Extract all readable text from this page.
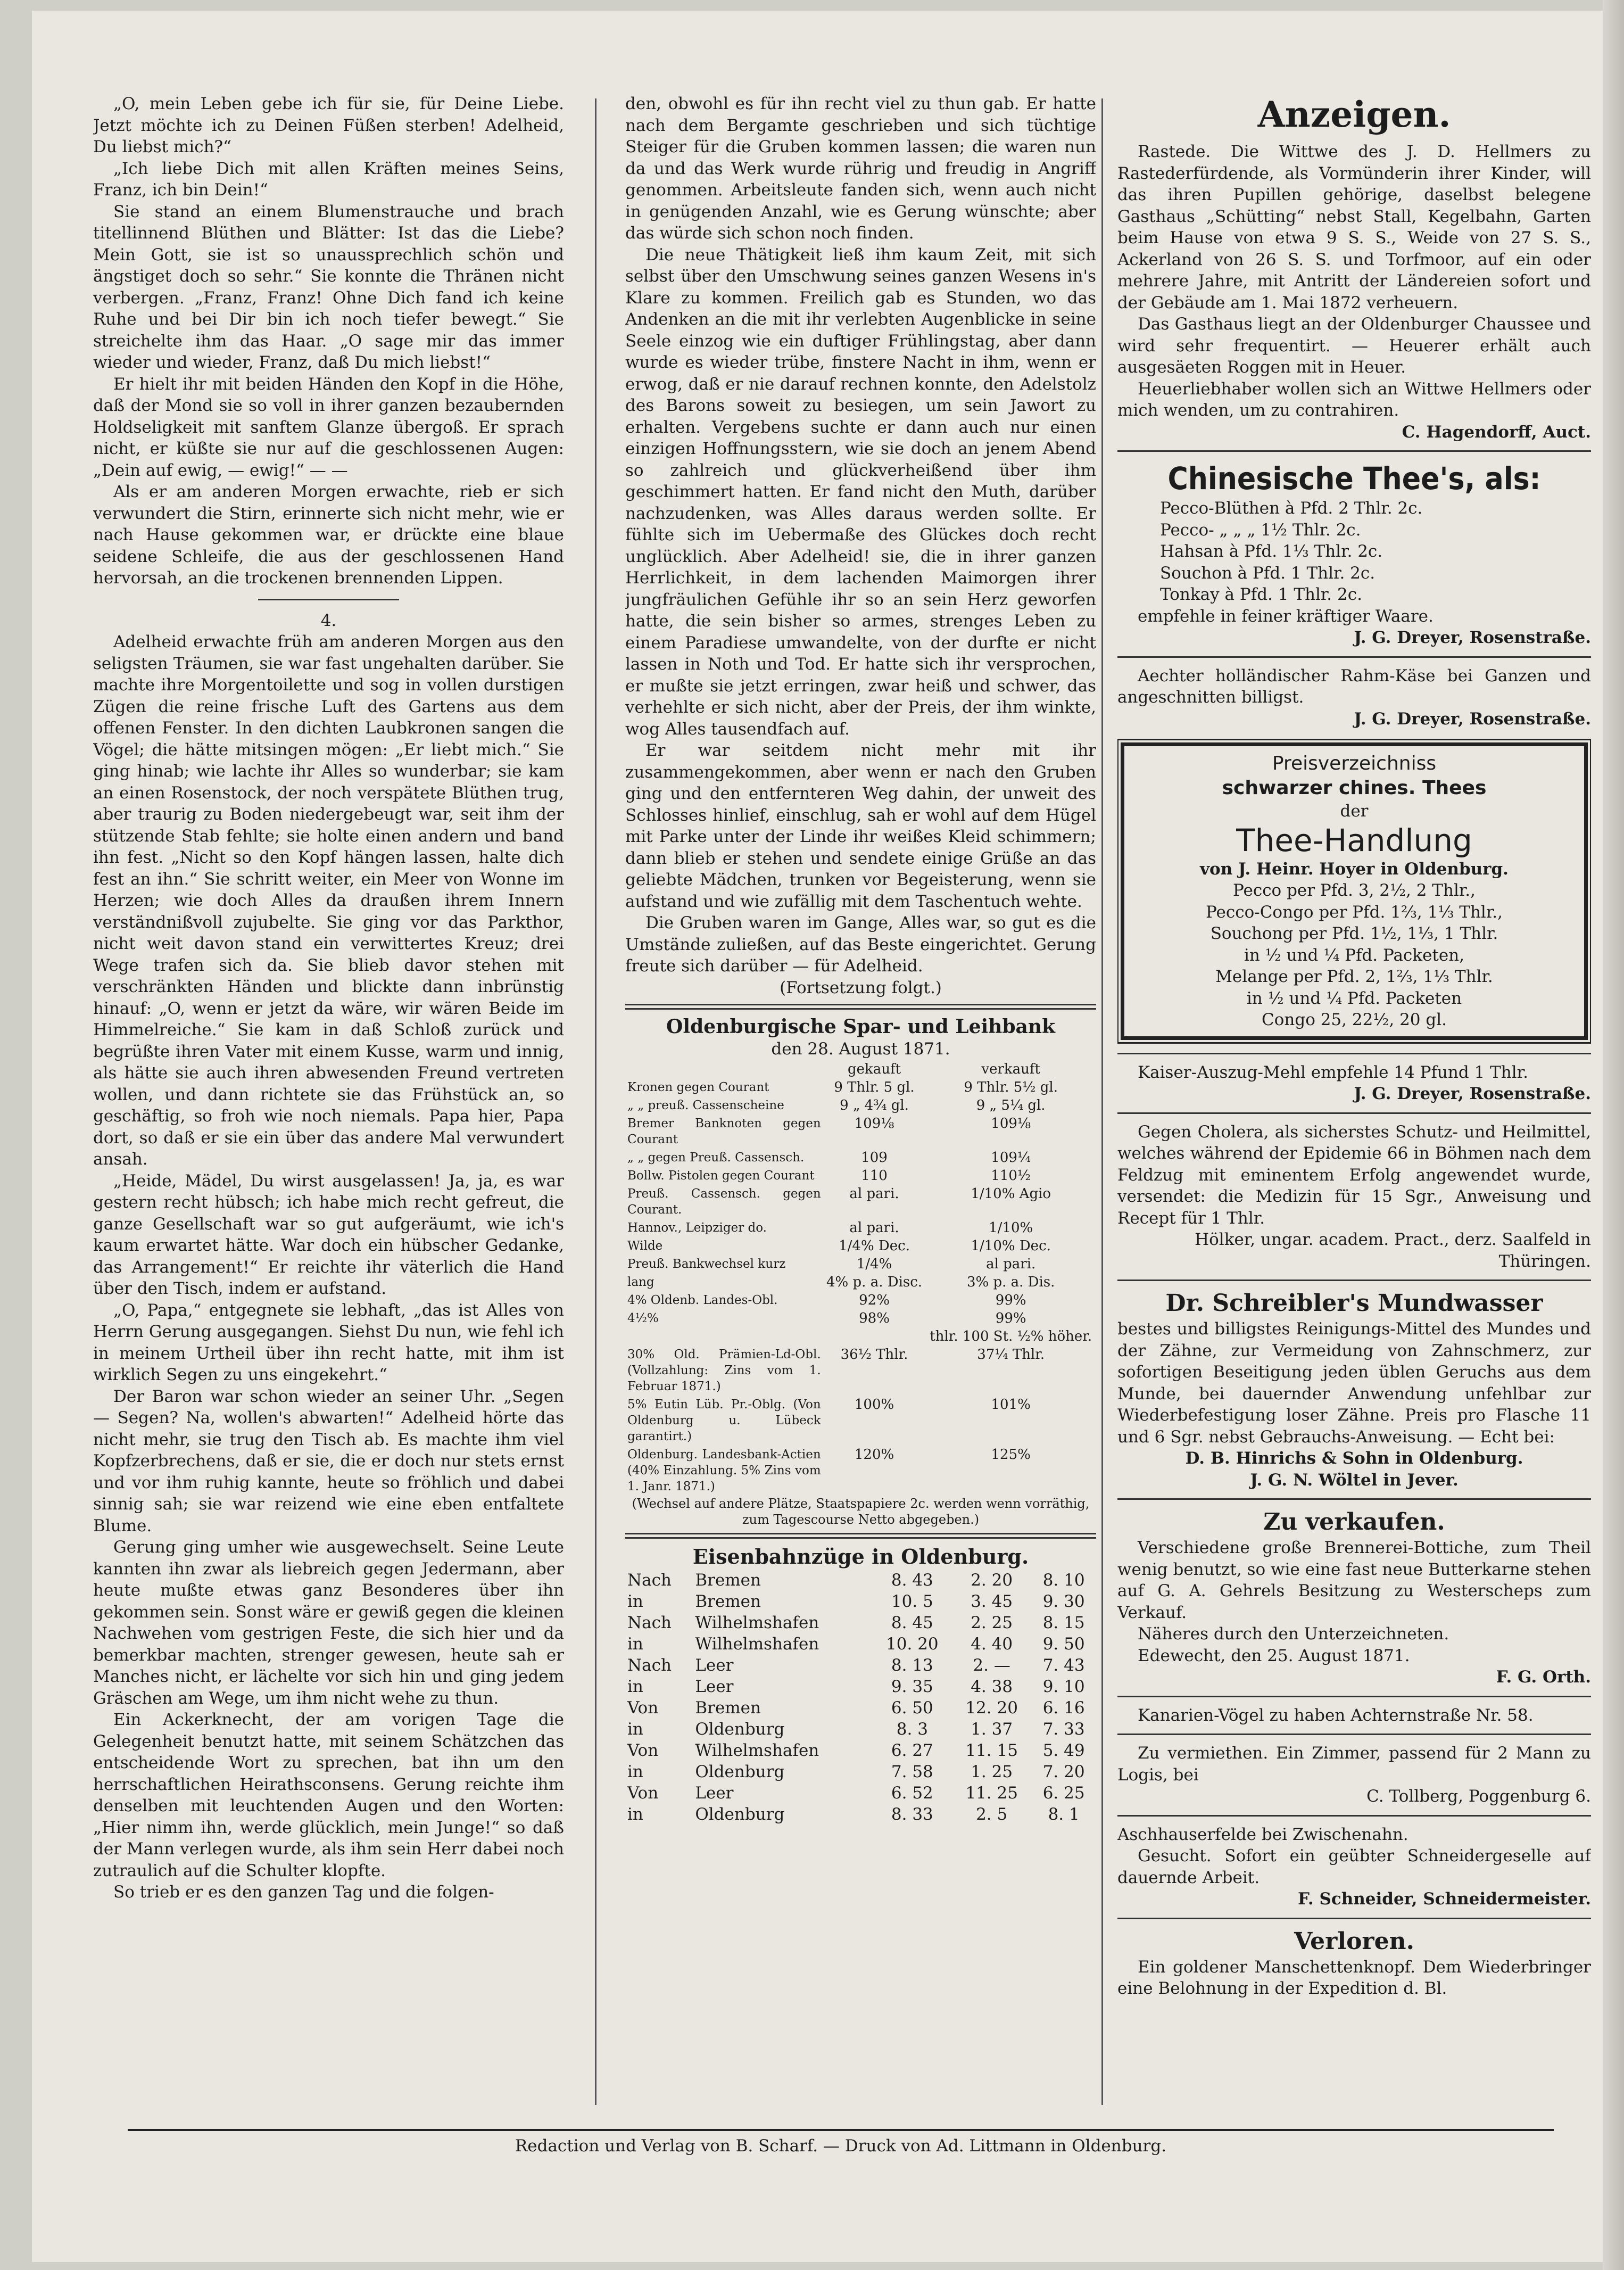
„O, mein Leben gebe ich für sie, für Deine Liebe. Jetzt möchte ich zu Deinen Füßen sterben! Adelheid, Du liebst mich?“

„Ich liebe Dich mit allen Kräften meines Seins, Franz, ich bin Dein!“

Sie stand an einem Blumenstrauche und brach titellinnend Blüthen und Blätter: Ist das die Liebe? Mein Gott, sie ist so unaussprechlich schön und ängstiget doch so sehr.“ Sie konnte die Thränen nicht verbergen. „Franz, Franz! Ohne Dich fand ich keine Ruhe und bei Dir bin ich noch tiefer bewegt.“ Sie streichelte ihm das Haar. „O sage mir das immer wieder und wieder, Franz, daß Du mich liebst!“

Er hielt ihr mit beiden Händen den Kopf in die Höhe, daß der Mond sie so voll in ihrer ganzen bezaubernden Holdseligkeit mit sanftem Glanze übergoß. Er sprach nicht, er küßte sie nur auf die geschlossenen Augen: „Dein auf ewig, — ewig!“ — —

Als er am anderen Morgen erwachte, rieb er sich verwundert die Stirn, erinnerte sich nicht mehr, wie er nach Hause gekommen war, er drückte eine blaue seidene Schleife, die aus der geschlossenen Hand hervorsah, an die trockenen brennenden Lippen.

4.

Adelheid erwachte früh am anderen Morgen aus den seligsten Träumen, sie war fast ungehalten darüber. Sie machte ihre Morgentoilette und sog in vollen durstigen Zügen die reine frische Luft des Gartens aus dem offenen Fenster. In den dichten Laubkronen sangen die Vögel; die hätte mitsingen mögen: „Er liebt mich.“ Sie ging hinab; wie lachte ihr Alles so wunderbar; sie kam an einen Rosenstock, der noch verspätete Blüthen trug, aber traurig zu Boden niedergebeugt war, seit ihm der stützende Stab fehlte; sie holte einen andern und band ihn fest. „Nicht so den Kopf hängen lassen, halte dich fest an ihn.“ Sie schritt weiter, ein Meer von Wonne im Herzen; wie doch Alles da draußen ihrem Innern verständnißvoll zujubelte. Sie ging vor das Parkthor, nicht weit davon stand ein verwittertes Kreuz; drei Wege trafen sich da. Sie blieb davor stehen mit verschränkten Händen und blickte dann inbrünstig hinauf: „O, wenn er jetzt da wäre, wir wären Beide im Himmelreiche.“ Sie kam in daß Schloß zurück und begrüßte ihren Vater mit einem Kusse, warm und innig, als hätte sie auch ihren abwesenden Freund vertreten wollen, und dann richtete sie das Frühstück an, so geschäftig, so froh wie noch niemals. Papa hier, Papa dort, so daß er sie ein über das andere Mal verwundert ansah.

„Heide, Mädel, Du wirst ausgelassen! Ja, ja, es war gestern recht hübsch; ich habe mich recht gefreut, die ganze Gesellschaft war so gut aufgeräumt, wie ich's kaum erwartet hätte. War doch ein hübscher Gedanke, das Arrangement!“ Er reichte ihr väterlich die Hand über den Tisch, indem er aufstand.

„O, Papa,“ entgegnete sie lebhaft, „das ist Alles von Herrn Gerung ausgegangen. Siehst Du nun, wie fehl ich in meinem Urtheil über ihn recht hatte, mit ihm ist wirklich Segen zu uns eingekehrt.“

Der Baron war schon wieder an seiner Uhr. „Segen — Segen? Na, wollen's abwarten!“ Adelheid hörte das nicht mehr, sie trug den Tisch ab. Es machte ihm viel Kopfzerbrechens, daß er sie, die er doch nur stets ernst und vor ihm ruhig kannte, heute so fröhlich und dabei sinnig sah; sie war reizend wie eine eben entfaltete Blume.

Gerung ging umher wie ausgewechselt. Seine Leute kannten ihn zwar als liebreich gegen Jedermann, aber heute mußte etwas ganz Besonderes über ihn gekommen sein. Sonst wäre er gewiß gegen die kleinen Nachwehen vom gestrigen Feste, die sich hier und da bemerkbar machten, strenger gewesen, heute sah er Manches nicht, er lächelte vor sich hin und ging jedem Gräschen am Wege, um ihm nicht wehe zu thun.

Ein Ackerknecht, der am vorigen Tage die Gelegenheit benutzt hatte, mit seinem Schätzchen das entscheidende Wort zu sprechen, bat ihn um den herrschaftlichen Heirathsconsens. Gerung reichte ihm denselben mit leuchtenden Augen und den Worten: „Hier nimm ihn, werde glücklich, mein Junge!“ so daß der Mann verlegen wurde, als ihm sein Herr dabei noch zutraulich auf die Schulter klopfte.

So trieb er es den ganzen Tag und die folgen-

den, obwohl es für ihn recht viel zu thun gab. Er hatte nach dem Bergamte geschrieben und sich tüchtige Steiger für die Gruben kommen lassen; die waren nun da und das Werk wurde rührig und freudig in Angriff genommen. Arbeitsleute fanden sich, wenn auch nicht in genügenden Anzahl, wie es Gerung wünschte; aber das würde sich schon noch finden.

Die neue Thätigkeit ließ ihm kaum Zeit, mit sich selbst über den Umschwung seines ganzen Wesens in's Klare zu kommen. Freilich gab es Stunden, wo das Andenken an die mit ihr verlebten Augenblicke in seine Seele einzog wie ein duftiger Frühlingstag, aber dann wurde es wieder trübe, finstere Nacht in ihm, wenn er erwog, daß er nie darauf rechnen konnte, den Adelstolz des Barons soweit zu besiegen, um sein Jawort zu erhalten. Vergebens suchte er dann auch nur einen einzigen Hoffnungsstern, wie sie doch an jenem Abend so zahlreich und glückverheißend über ihm geschimmert hatten. Er fand nicht den Muth, darüber nachzudenken, was Alles daraus werden sollte. Er fühlte sich im Uebermaße des Glückes doch recht unglücklich. Aber Adelheid! sie, die in ihrer ganzen Herrlichkeit, in dem lachenden Maimorgen ihrer jungfräulichen Gefühle ihr so an sein Herz geworfen hatte, die sein bisher so armes, strenges Leben zu einem Paradiese umwandelte, von der durfte er nicht lassen in Noth und Tod. Er hatte sich ihr versprochen, er mußte sie jetzt erringen, zwar heiß und schwer, das verhehlte er sich nicht, aber der Preis, der ihm winkte, wog Alles tausendfach auf.

Er war seitdem nicht mehr mit ihr zusammengekommen, aber wenn er nach den Gruben ging und den entfernteren Weg dahin, der unweit des Schlosses hinlief, einschlug, sah er wohl auf dem Hügel mit Parke unter der Linde ihr weißes Kleid schimmern; dann blieb er stehen und sendete einige Grüße an das geliebte Mädchen, trunken vor Begeisterung, wenn sie aufstand und wie zufällig mit dem Taschentuch wehte.

Die Gruben waren im Gange, Alles war, so gut es die Umstände zuließen, auf das Beste eingerichtet. Gerung freute sich darüber — für Adelheid.

(Fortsetzung folgt.)

Oldenburgische Spar- und Leihbank
den 28. August 1871.
	gekauft	verkauft
Kronen gegen Courant	9 Thlr. 5 gl.	9 Thlr. 5½ gl.
„ „ preuß. Cassenscheine	9 „ 4¾ gl.	9 „ 5¼ gl.
Bremer Banknoten gegen Courant	109⅛	109⅛
„ „ gegen Preuß. Cassensch.	109	109¼
Bollw. Pistolen gegen Courant	110	110½
Preuß. Cassensch. gegen Courant.	al pari.	1/10% Agio
Hannov., Leipziger do.	al pari.	1/10%
Wilde	1/4% Dec.	1/10% Dec.
Preuß. Bankwechsel kurz	1/4%	al pari.
lang	4% p. a. Disc.	3% p. a. Dis.
4% Oldenb. Landes-Obl.	92%	99%
4½%	98%	99%
		thlr. 100 St. ½% höher.
30% Old. Prämien-Ld-Obl. (Vollzahlung: Zins vom 1. Februar 1871.)	36½ Thlr.	37¼ Thlr.
5% Eutin Lüb. Pr.-Oblg. (Von Oldenburg u. Lübeck garantirt.)	100%	101%
Oldenburg. Landesbank-Actien (40% Einzahlung. 5% Zins vom 1. Janr. 1871.)	120%	125%

(Wechsel auf andere Plätze, Staatspapiere 2c. werden wenn vorräthig, zum Tagescourse Netto abgegeben.)

Eisenbahnzüge in Oldenburg.
Nach	Bremen	8. 43	2. 20	8. 10
in	Bremen	10. 5	3. 45	9. 30
Nach	Wilhelmshafen	8. 45	2. 25	8. 15
in	Wilhelmshafen	10. 20	4. 40	9. 50
Nach	Leer	8. 13	2. —	7. 43
in	Leer	9. 35	4. 38	9. 10
Von	Bremen	6. 50	12. 20	6. 16
in	Oldenburg	8. 3	1. 37	7. 33
Von	Wilhelmshafen	6. 27	11. 15	5. 49
in	Oldenburg	7. 58	1. 25	7. 20
Von	Leer	6. 52	11. 25	6. 25
in	Oldenburg	8. 33	2. 5	8. 1
Anzeigen.

Rastede. Die Wittwe des J. D. Hellmers zu Rastederfürdende, als Vormünderin ihrer Kinder, will das ihren Pupillen gehörige, daselbst belegene Gasthaus „Schütting“ nebst Stall, Kegelbahn, Garten beim Hause von etwa 9 S. S., Weide von 27 S. S., Ackerland von 26 S. S. und Torfmoor, auf ein oder mehrere Jahre, mit Antritt der Ländereien sofort und der Gebäude am 1. Mai 1872 verheuern.

Das Gasthaus liegt an der Oldenburger Chaussee und wird sehr frequentirt. — Heuerer erhält auch ausgesäeten Roggen mit in Heuer.

Heuerliebhaber wollen sich an Wittwe Hellmers oder mich wenden, um zu contrahiren.

C. Hagendorff, Auct.

Chinesische Thee's, als:

Pecco-Blüthen à Pfd. 2 Thlr. 2c.

Pecco- „ „ „ 1½ Thlr. 2c.

Hahsan à Pfd. 1⅓ Thlr. 2c.

Souchon à Pfd. 1 Thlr. 2c.

Tonkay à Pfd. 1 Thlr. 2c.

empfehle in feiner kräftiger Waare.

J. G. Dreyer, Rosenstraße.

Aechter holländischer Rahm-Käse bei Ganzen und angeschnitten billigst.

J. G. Dreyer, Rosenstraße.

Preisverzeichniss
schwarzer chines. Thees
der
Thee-Handlung
von J. Heinr. Hoyer in Oldenburg.
Pecco per Pfd. 3, 2½, 2 Thlr.,
Pecco-Congo per Pfd. 1⅔, 1⅓ Thlr.,
Souchong per Pfd. 1½, 1⅓, 1 Thlr.
in ½ und ¼ Pfd. Packeten,
Melange per Pfd. 2, 1⅔, 1⅓ Thlr.
in ½ und ¼ Pfd. Packeten
Congo 25, 22½, 20 gl.

Kaiser-Auszug-Mehl empfehle 14 Pfund 1 Thlr.

J. G. Dreyer, Rosenstraße.

Gegen Cholera, als sicherstes Schutz- und Heilmittel, welches während der Epidemie 66 in Böhmen nach dem Feldzug mit eminentem Erfolg angewendet wurde, versendet: die Medizin für 15 Sgr., Anweisung und Recept für 1 Thlr.

Hölker, ungar. academ. Pract., derz. Saalfeld in Thüringen.

Dr. Schreibler's Mundwasser

bestes und billigstes Reinigungs-Mittel des Mundes und der Zähne, zur Vermeidung von Zahnschmerz, zur sofortigen Beseitigung jeden üblen Geruchs aus dem Munde, bei dauernder Anwendung unfehlbar zur Wiederbefestigung loser Zähne. Preis pro Flasche 11 und 6 Sgr. nebst Gebrauchs-Anweisung. — Echt bei:

D. B. Hinrichs & Sohn in Oldenburg.

J. G. N. Wöltel in Jever.

Zu verkaufen.

Verschiedene große Brennerei-Bottiche, zum Theil wenig benutzt, so wie eine fast neue Butterkarne stehen auf G. A. Gehrels Besitzung zu Westerscheps zum Verkauf.

Näheres durch den Unterzeichneten.

Edewecht, den 25. August 1871.

F. G. Orth.

Kanarien-Vögel zu haben Achternstraße Nr. 58.

Zu vermiethen. Ein Zimmer, passend für 2 Mann zu Logis, bei

C. Tollberg, Poggenburg 6.

Aschhauserfelde bei Zwischenahn.

Gesucht. Sofort ein geübter Schneidergeselle auf dauernde Arbeit.

F. Schneider, Schneidermeister.

Verloren.

Ein goldener Manschettenknopf. Dem Wiederbringer eine Belohnung in der Expedition d. Bl.

Redaction und Verlag von B. Scharf. — Druck von Ad. Littmann in Oldenburg.
